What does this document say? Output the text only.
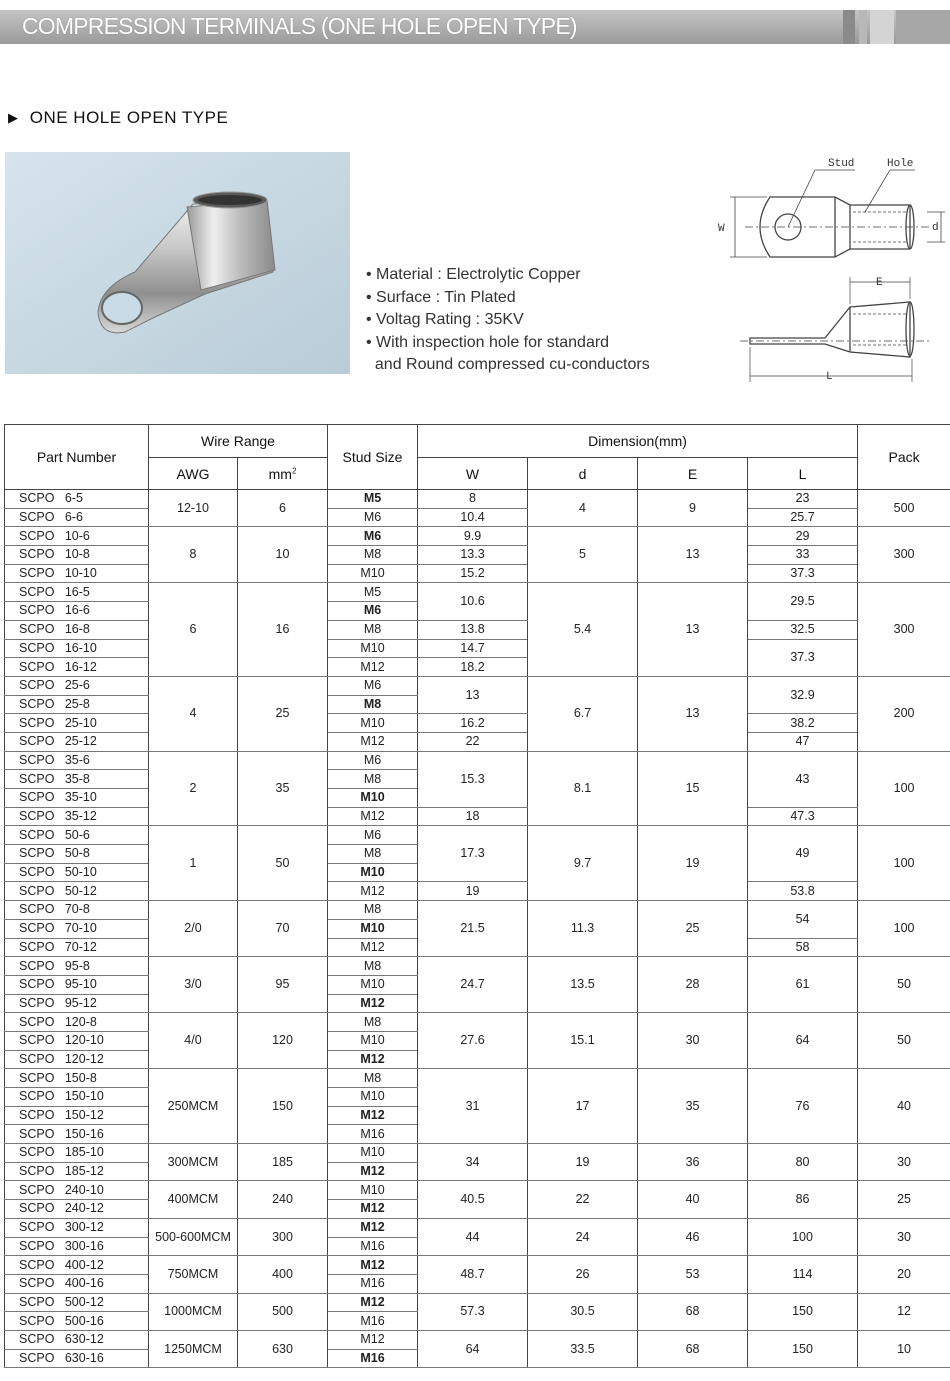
COMPRESSION TERMINALS (ONE HOLE OPEN TYPE)
▶ ONE HOLE OPEN TYPE
• Material : Electrolytic Copper
• Surface : Tin Plated
• Voltag Rating : 35KV
• With inspection hole for standard
and Round compressed cu-conductors
Stud	Hole
W	d
E
L
Part Number	Wire Range		Stud Size	Dimension(mm)				Pack
	AWG	$mm^2$		W	d	E	L	
SCPO   6-5	12-10	6	M5	8	4	9	23	500
SCPO   6-6			M6	10.4			25.7	
SCPO   10-6	8	10	M6	9.9	5	13	29	300
SCPO   10-8			M8	13.3			33	
SCPO   10-10			M10	15.2			37.3	
SCPO   16-5	6	16	M5	10.6	5.4	13	29.5	300
SCPO   16-6			M6					
SCPO   16-8			M8	13.8			32.5	
SCPO   16-10			M10	14.7			37.3	
SCPO   16-12			M12	18.2				
SCPO   25-6	4	25	M6	13	6.7	13	32.9	200
SCPO   25-8			M8					
SCPO   25-10			M10	16.2			38.2	
SCPO   25-12			M12	22			47	
SCPO   35-6	2	35	M6	15.3	8.1	15	43	100
SCPO   35-8			M8					
SCPO   35-10			M10					
SCPO   35-12			M12	18			47.3	
SCPO   50-6	1	50	M6	17.3	9.7	19	49	100
SCPO   50-8			M8					
SCPO   50-10			M10					
SCPO   50-12			M12	19			53.8	
SCPO   70-8	2/0	70	M8	21.5	11.3	25	54	100
SCPO   70-10			M10					
SCPO   70-12			M12				58	
SCPO   95-8	3/0	95	M8	24.7	13.5	28	61	50
SCPO   95-10			M10					
SCPO   95-12			M12					
SCPO   120-8	4/0	120	M8	27.6	15.1	30	64	50
SCPO   120-10			M10					
SCPO   120-12			M12					
SCPO   150-8	250MCM	150	M8	31	17	35	76	40
SCPO   150-10			M10					
SCPO   150-12			M12					
SCPO   150-16			M16					
SCPO   185-10	300MCM	185	M10	34	19	36	80	30
SCPO   185-12			M12					
SCPO   240-10	400MCM	240	M10	40.5	22	40	86	25
SCPO   240-12			M12					
SCPO   300-12	500-600MCM	300	M12	44	24	46	100	30
SCPO   300-16			M16					
SCPO   400-12	750MCM	400	M12	48.7	26	53	114	20
SCPO   400-16			M16					
SCPO   500-12	1000MCM	500	M12	57.3	30.5	68	150	12
SCPO   500-16			M16					
SCPO   630-12	1250MCM	630	M12	64	33.5	68	150	10
SCPO   630-16			M16					
